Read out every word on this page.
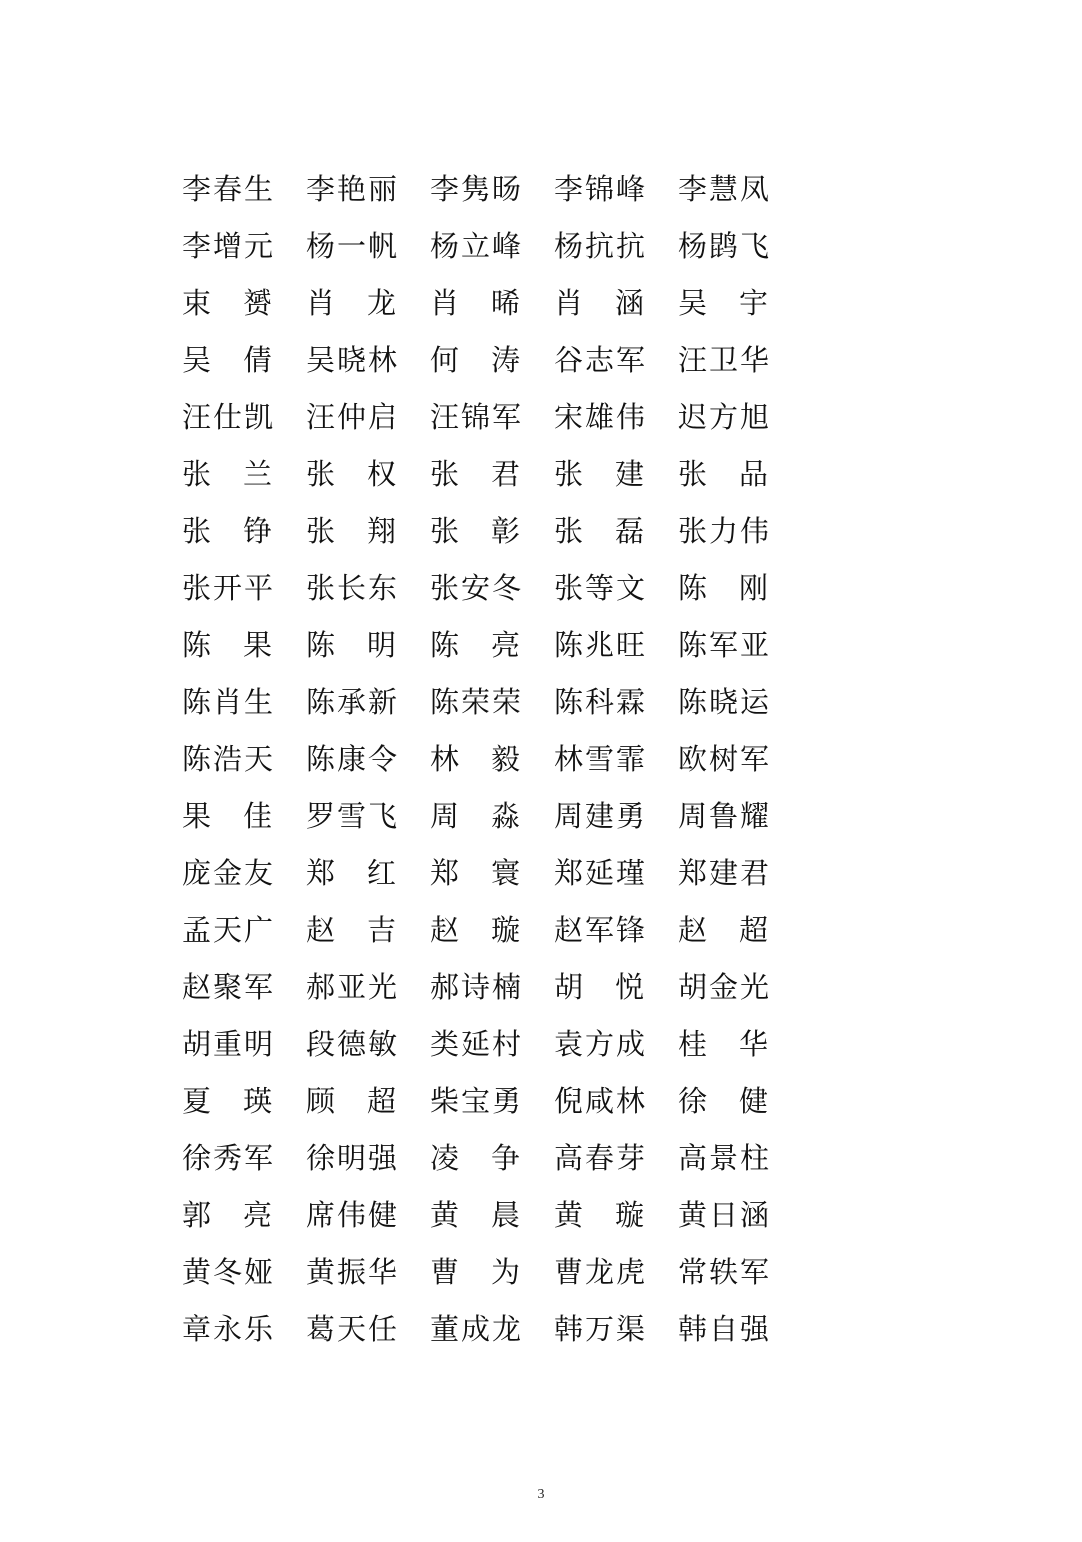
李春生 李艳丽 李隽旸 李锦峰 李慧凤
李增元 杨一帆 杨立峰 杨抗抗 杨鹍飞
束 赟 肖 龙 肖 晞 肖 涵 吴 宇
吴 倩 吴晓林 何 涛 谷志军 汪卫华
汪仕凯 汪仲启 汪锦军 宋雄伟 迟方旭
张 兰 张 权 张 君 张 建 张 品
张 铮 张 翔 张 彰 张 磊 张力伟
张开平 张长东 张安冬 张等文 陈 刚
陈 果 陈 明 陈 亮 陈兆旺 陈军亚
陈肖生 陈承新 陈荣荣 陈科霖 陈晓运
陈浩天 陈康令 林 毅 林雪霏 欧树军
果 佳 罗雪飞 周 淼 周建勇 周鲁耀
庞金友 郑 红 郑 寰 郑延瑾 郑建君
孟天广 赵 吉 赵 璇 赵军锋 赵 超
赵聚军 郝亚光 郝诗楠 胡 悦 胡金光
胡重明 段德敏 类延村 袁方成 桂 华
夏 瑛 顾 超 柴宝勇 倪咸林 徐 健
徐秀军 徐明强 凌 争 高春芽 高景柱
郭 亮 席伟健 黄 晨 黄 璇 黄日涵
黄冬娅 黄振华 曹 为 曹龙虎 常轶军
章永乐 葛天任 董成龙 韩万渠 韩自强
3
